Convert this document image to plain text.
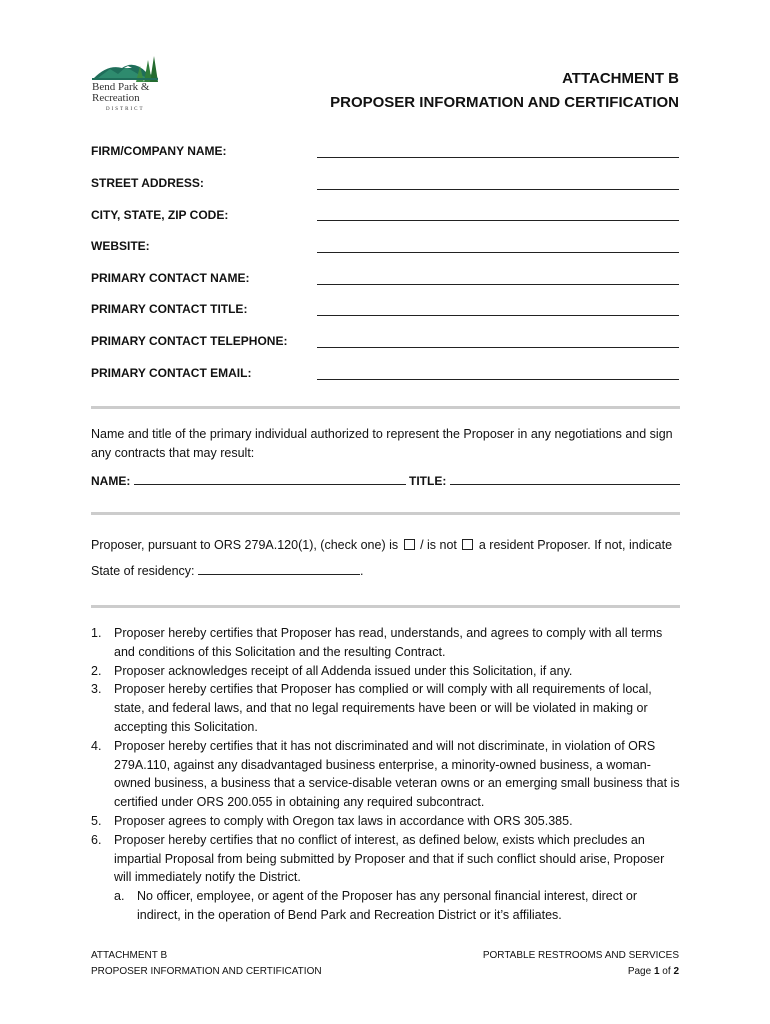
Bend Park &
Recreation
DISTRICT
ATTACHMENT B
PROPOSER INFORMATION AND CERTIFICATION
FIRM/COMPANY NAME:
STREET ADDRESS:
CITY, STATE, ZIP CODE:
WEBSITE:
PRIMARY CONTACT NAME:
PRIMARY CONTACT TITLE:
PRIMARY CONTACT TELEPHONE:
PRIMARY CONTACT EMAIL:
Name and title of the primary individual authorized to represent the Proposer in any negotiations and sign any contracts that may result:
NAME:	TITLE:
Proposer, pursuant to ORS 279A.120(1), (check one) is / is not a resident Proposer. If not, indicate
State of residency:	.
1. Proposer hereby certifies that Proposer has read, understands, and agrees to comply with all terms and conditions of this Solicitation and the resulting Contract.
2. Proposer acknowledges receipt of all Addenda issued under this Solicitation, if any.
3. Proposer hereby certifies that Proposer has complied or will comply with all requirements of local, state, and federal laws, and that no legal requirements have been or will be violated in making or accepting this Solicitation.
4. Proposer hereby certifies that it has not discriminated and will not discriminate, in violation of ORS 279A.110, against any disadvantaged business enterprise, a minority-owned business, a woman-owned business, a business that a service-disable veteran owns or an emerging small business that is certified under ORS 200.055 in obtaining any required subcontract.
5. Proposer agrees to comply with Oregon tax laws in accordance with ORS 305.385.
6. Proposer hereby certifies that no conflict of interest, as defined below, exists which precludes an impartial Proposal from being submitted by Proposer and that if such conflict should arise, Proposer will immediately notify the District.
a. No officer, employee, or agent of the Proposer has any personal financial interest, direct or indirect, in the operation of Bend Park and Recreation District or it’s affiliates.
ATTACHMENT B
PROPOSER INFORMATION AND CERTIFICATION
PORTABLE RESTROOMS AND SERVICES
Page 1 of 2
